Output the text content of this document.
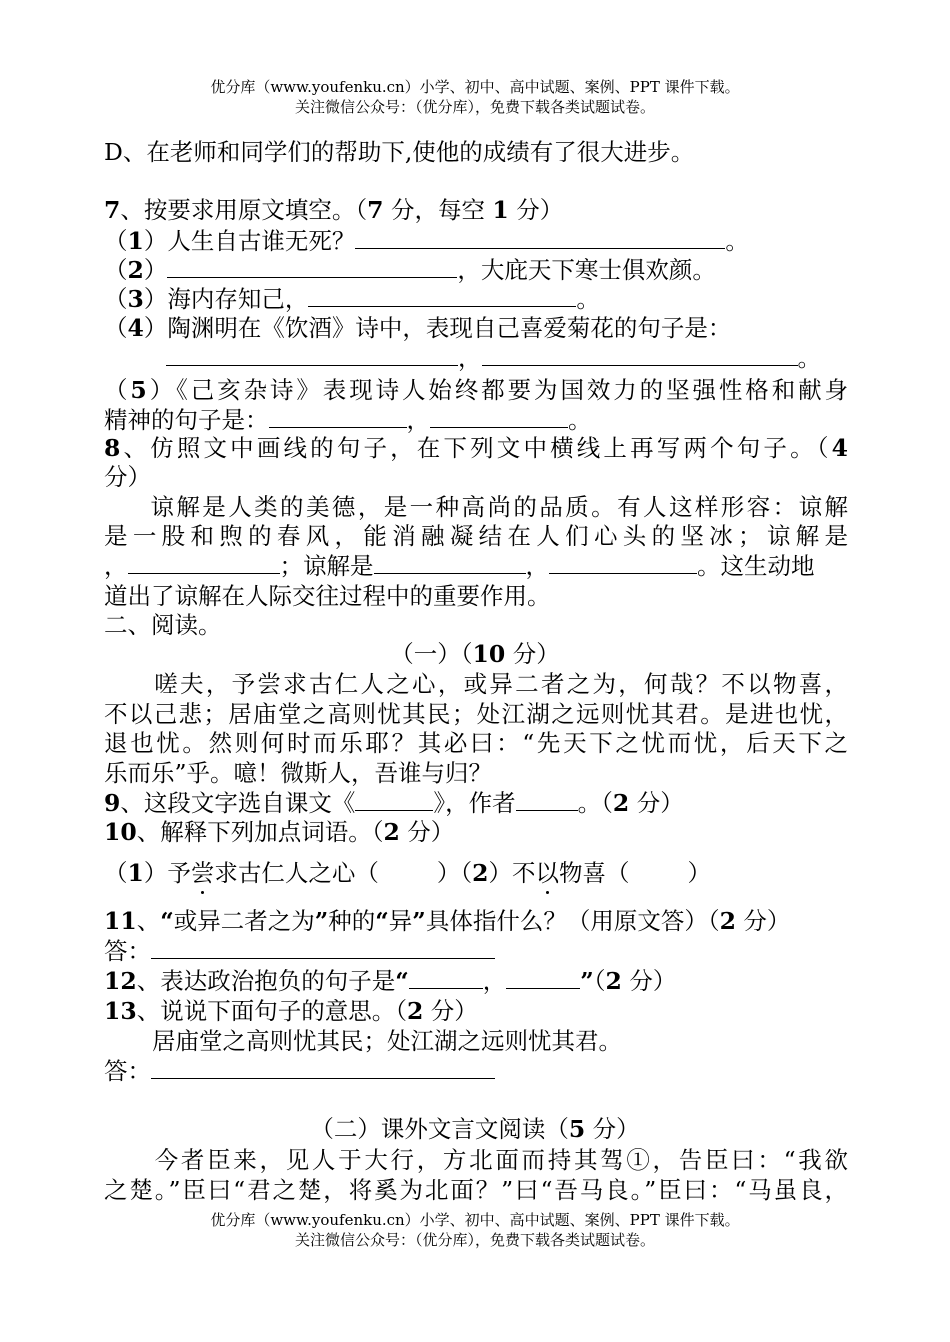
优分库（www.youfenku.cn）小学、初中、高中试题、案例、PPT 课件下载。
关注微信公众号：（优分库），免费下载各类试题试卷。
D、在老师和同学们的帮助下,使他的成绩有了很大进步。
7、按要求用原文填空。（7 分，每空 1 分）
（1）人生自古谁无死？	。
（2）	，大庇天下寒士俱欢颜。
（3）海内存知己，	。
（4）陶渊明在《饮酒》诗中，表现自己喜爱菊花的句子是：
，	。
（5）《己亥杂诗》表现诗人始终都要为国效力的坚强性格和献身
精神的句子是：	，	。
8、仿照文中画线的句子，在下列文中横线上再写两个句子。（4
分）
谅解是人类的美德，是一种高尚的品质。有人这样形容：谅解
是一股和煦的春风，能消融凝结在人们心头的坚冰；谅解是
，	；谅解是	，	。这生动地
道出了谅解在人际交往过程中的重要作用。
二、阅读。
（一）（10 分）
嗟夫，予尝求古仁人之心，或异二者之为，何哉？不以物喜，
不以己悲；居庙堂之高则忧其民；处江湖之远则忧其君。是进也忧，
退也忧。然则何时而乐耶？其必曰：“先天下之忧而忧，后天下之
乐而乐”乎。噫！微斯人，吾谁与归？
9、这段文字选自课文《	》，作者	。（2 分）
10、解释下列加点词语。（2 分）
（1）予尝求古仁人之心（ ）（2）不以物喜（ ）
11、“或异二者之为”种的“异”具体指什么？（用原文答）（2 分）
答：
12、表达政治抱负的句子是“	，	”（2 分）
13、说说下面句子的意思。（2 分）
居庙堂之高则忧其民；处江湖之远则忧其君。
答：
（二）课外文言文阅读（5 分）
今者臣来，见人于大行，方北面而持其驾①，告臣曰：“我欲
之楚。”臣曰“君之楚，将奚为北面？”曰“吾马良。”臣曰：“马虽良，
优分库（www.youfenku.cn）小学、初中、高中试题、案例、PPT 课件下载。
关注微信公众号：（优分库），免费下载各类试题试卷。
